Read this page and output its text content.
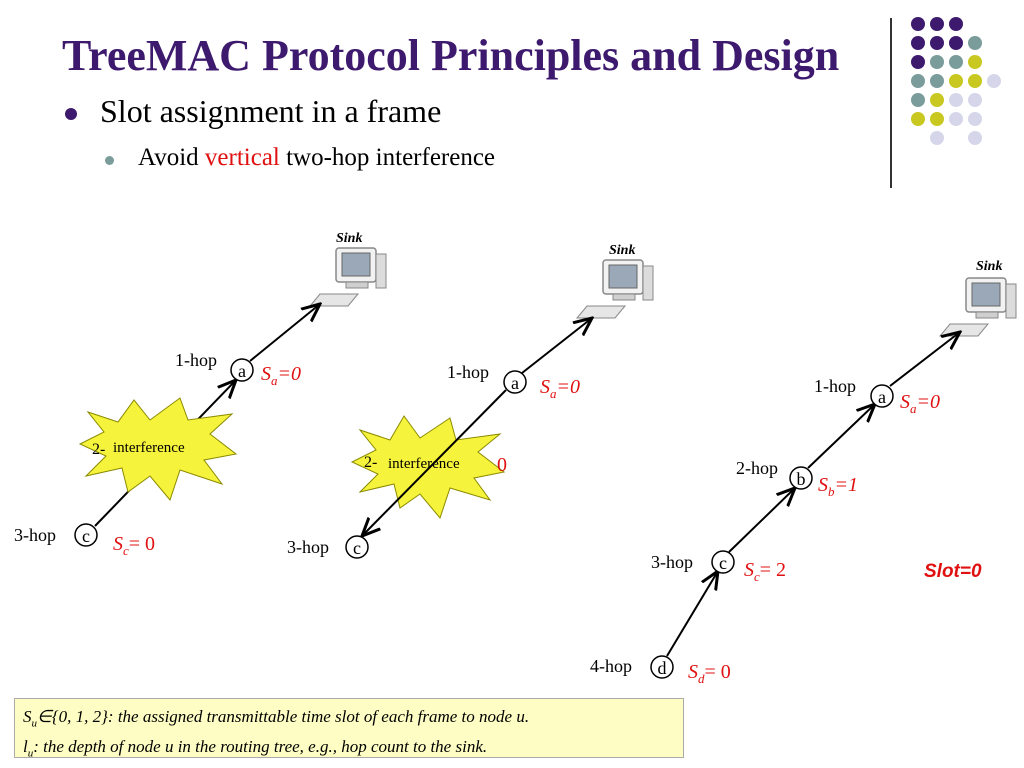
TreeMAC Protocol Principles and Design
Slot assignment in a frame
Avoid vertical two-hop interference
Sink
interference
2-
a
1-hop
$S_a=0$
c
3-hop	$S_c= 0$
Sink
interference
2-	0
a
1-hop
$S_a=0$
c
3-hop
Sink
a
1-hop
$S_a=0$
b
2-hop
$S_b=1$
c
3-hop	$S_c= 2$
d
4-hop	$S_d= 0$
Slot=0
$S_u\in\{0$, 1, 2}: the assigned transmittable time slot of each frame to node u.
$l_u$: the depth of node u in the routing tree, e.g., hop count to the sink.
